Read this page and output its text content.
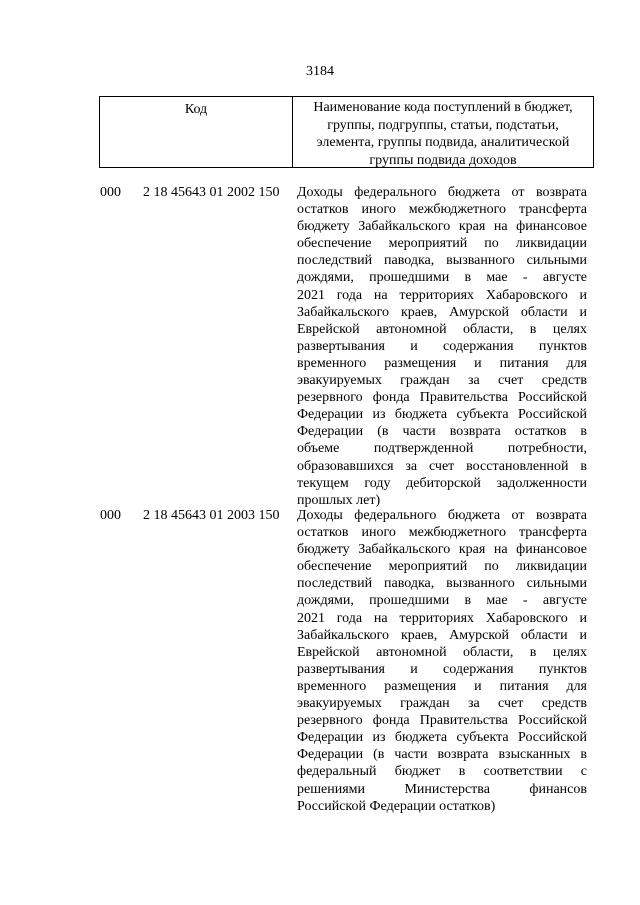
3184
Код	Наименование кода поступлений в бюджет,
группы, подгруппы, статьи, подстатьи,
элемента, группы подвида, аналитической
группы подвида доходов
000 2 18 45643 01 2002 150 Доходы федерального бюджета от возврата
остатков иного межбюджетного трансферта
бюджету Забайкальского края на финансовое
обеспечение мероприятий по ликвидации
последствий паводка, вызванного сильными
дождями, прошедшими в мае - августе
2021 года на территориях Хабаровского и
Забайкальского краев, Амурской области и
Еврейской автономной области, в целях
развертывания и содержания пунктов
временного размещения и питания для
эвакуируемых граждан за счет средств
резервного фонда Правительства Российской
Федерации из бюджета субъекта Российской
Федерации (в части возврата остатков в
объеме подтвержденной потребности,
образовавшихся за счет восстановленной в
текущем году дебиторской задолженности
прошлых лет)
000 2 18 45643 01 2003 150 Доходы федерального бюджета от возврата
остатков иного межбюджетного трансферта
бюджету Забайкальского края на финансовое
обеспечение мероприятий по ликвидации
последствий паводка, вызванного сильными
дождями, прошедшими в мае - августе
2021 года на территориях Хабаровского и
Забайкальского краев, Амурской области и
Еврейской автономной области, в целях
развертывания и содержания пунктов
временного размещения и питания для
эвакуируемых граждан за счет средств
резервного фонда Правительства Российской
Федерации из бюджета субъекта Российской
Федерации (в части возврата взысканных в
федеральный бюджет в соответствии с
решениями Министерства финансов
Российской Федерации остатков)
